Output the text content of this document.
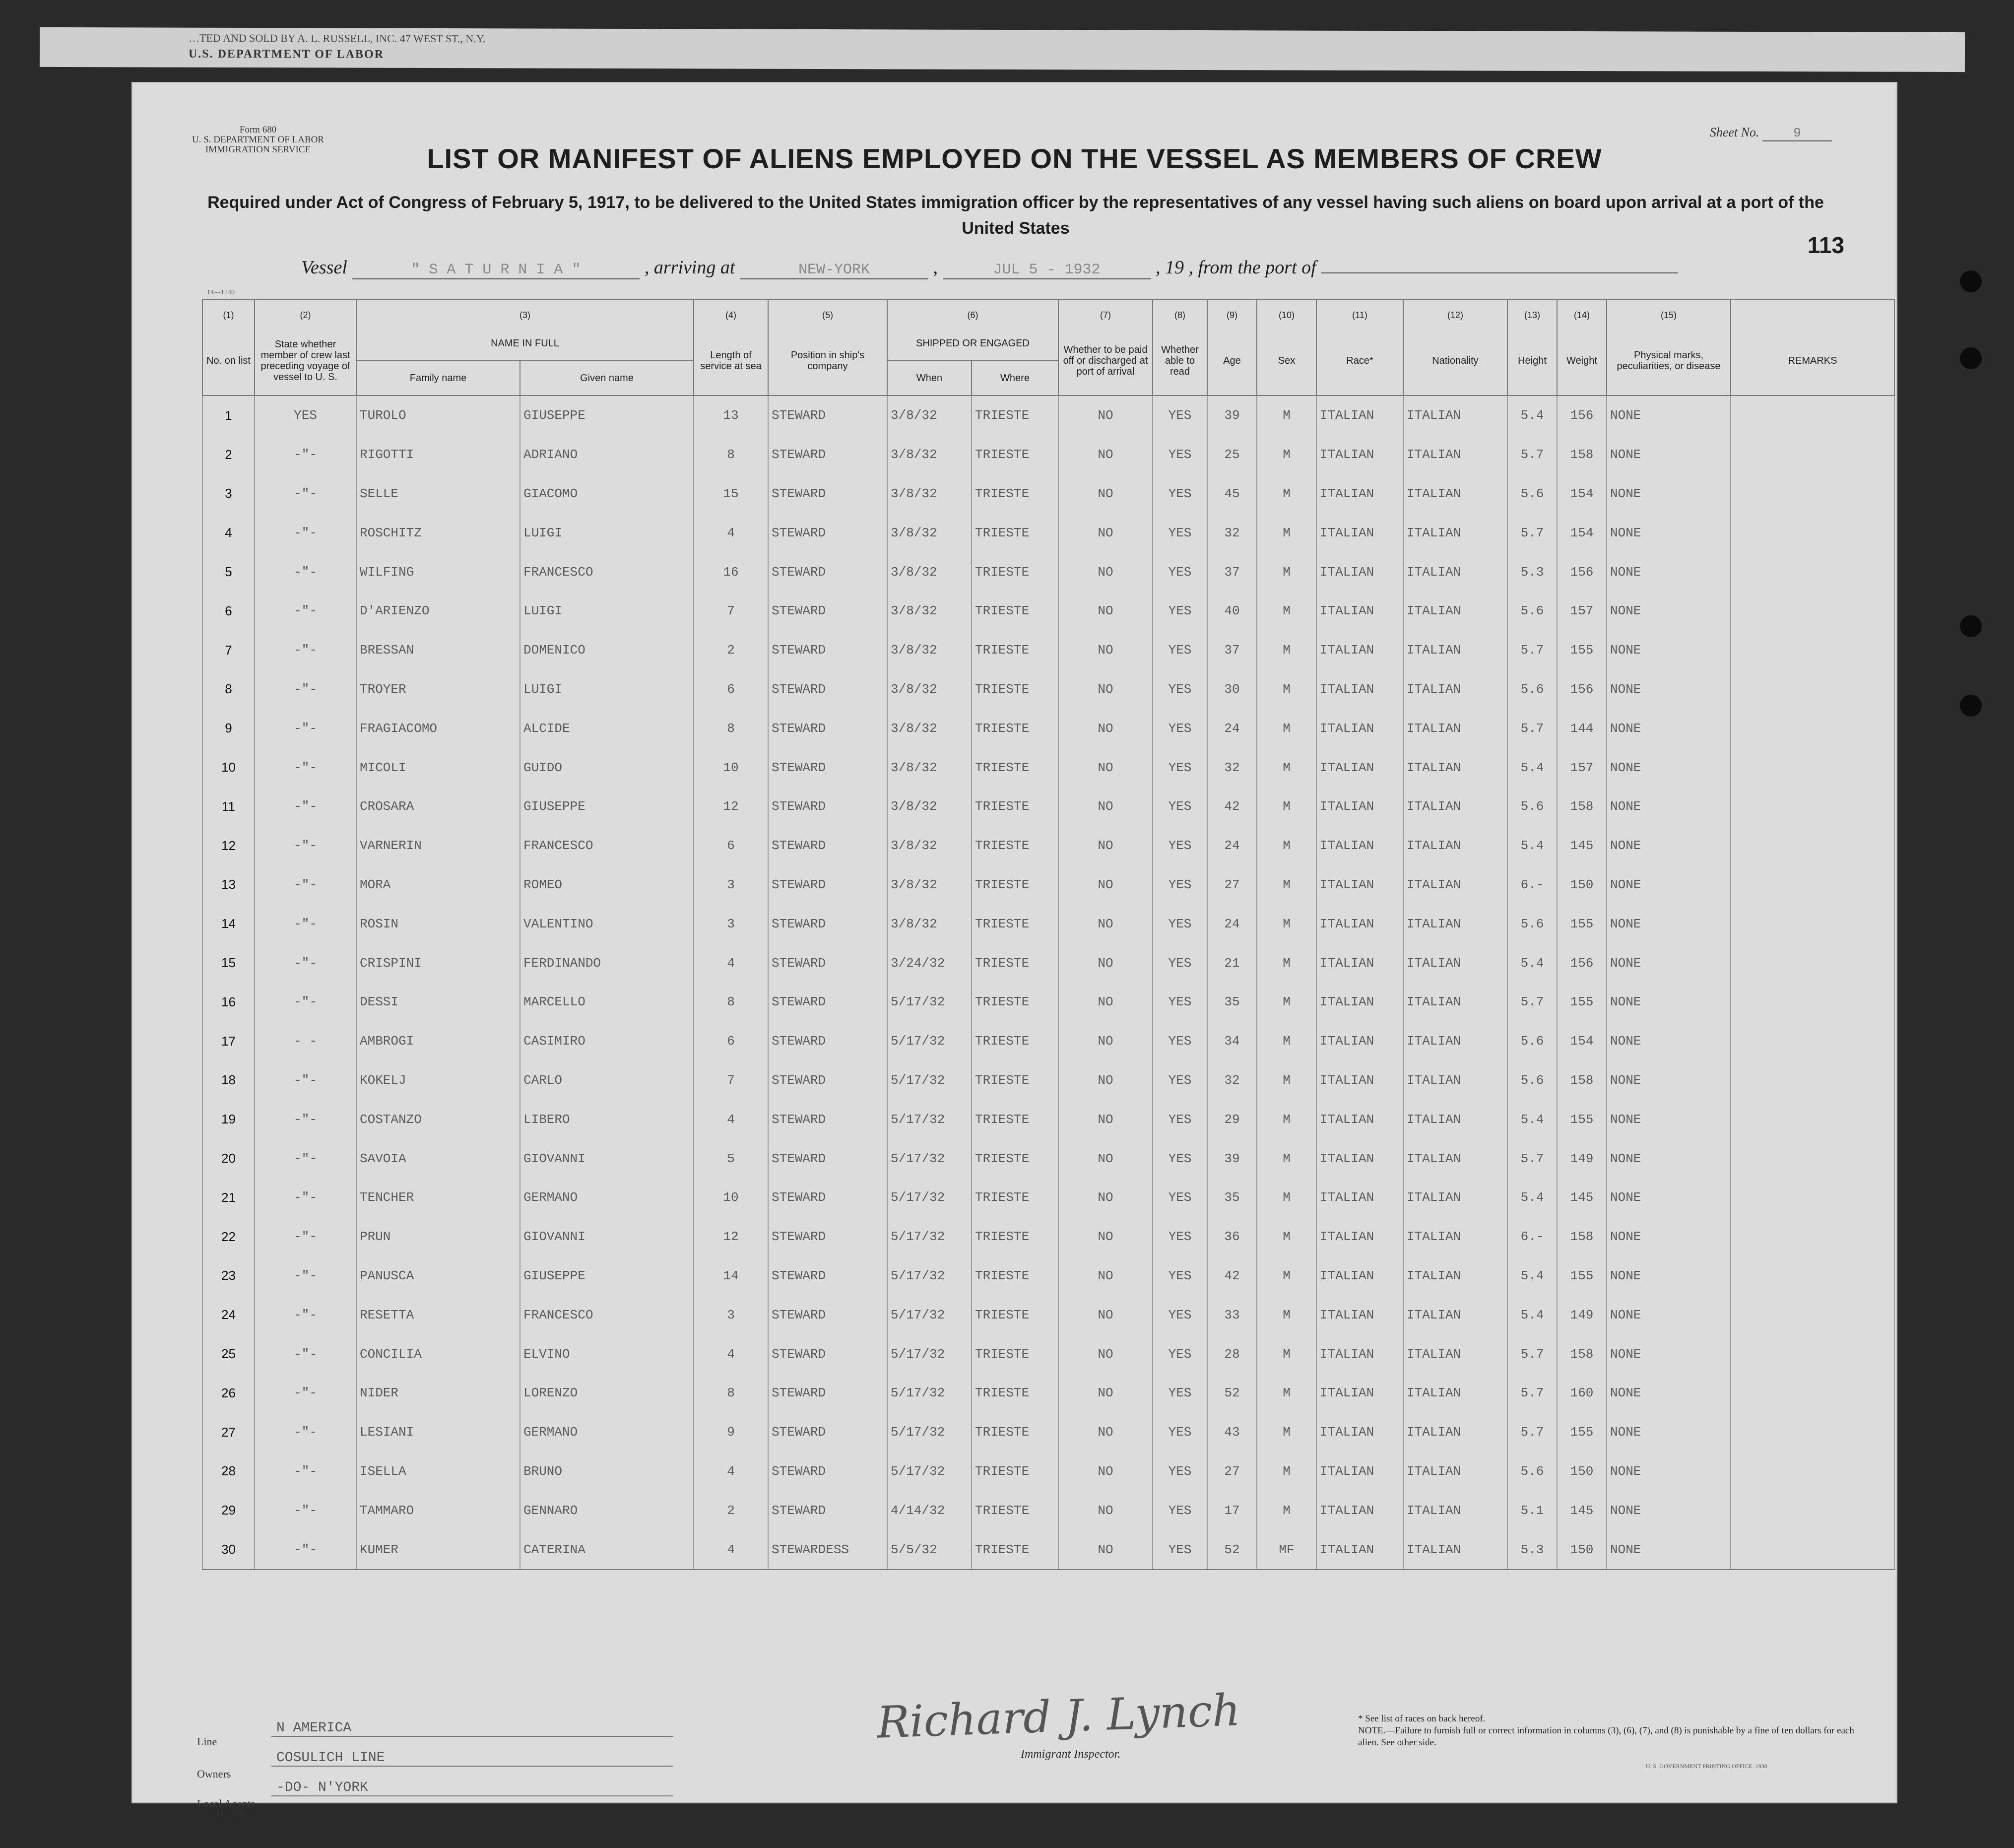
…TED AND SOLD BY A. L. RUSSELL, INC. 47 WEST ST., N.Y.
U.S. DEPARTMENT OF LABOR
Form 680
U. S. DEPARTMENT OF LABOR
IMMIGRATION SERVICE
Sheet No.	9
LIST OR MANIFEST OF ALIENS EMPLOYED ON THE VESSEL AS MEMBERS OF CREW
Required under Act of Congress of February 5, 1917, to be delivered to the United States immigration officer by the representatives of any vessel having such aliens on board upon arrival at a port of the United States
113
Vessel	" S A T U R N I A "	, arriving at	NEW-YORK	,	JUL 5 - 1932	, 19 , from the port of
14—1240
(1)	(2)	(3)		(4)	(5)	(6)		(7)	(8)	(9)	(10)	(11)	(12)	(13)	(14)	(15)	
No. on list	State whether member of crew last preceding voyage of vessel to U. S.	NAME IN FULL		Length of service at sea	Position in ship's company	SHIPPED OR ENGAGED		Whether to be paid off or discharged at port of arrival	Whether able to read	Age	Sex	Race*	Nationality	Height	Weight	Physical marks, peculiarities, or disease	REMARKS
		Family name	Given name			When	Where										
1	YES	TUROLO	GIUSEPPE	13	STEWARD	3/8/32	TRIESTE	NO	YES	39	M	ITALIAN	ITALIAN	5.4	156	NONE	
2	-"-	RIGOTTI	ADRIANO	8	STEWARD	3/8/32	TRIESTE	NO	YES	25	M	ITALIAN	ITALIAN	5.7	158	NONE	
3	-"-	SELLE	GIACOMO	15	STEWARD	3/8/32	TRIESTE	NO	YES	45	M	ITALIAN	ITALIAN	5.6	154	NONE	
4	-"-	ROSCHITZ	LUIGI	4	STEWARD	3/8/32	TRIESTE	NO	YES	32	M	ITALIAN	ITALIAN	5.7	154	NONE	
5	-"-	WILFING	FRANCESCO	16	STEWARD	3/8/32	TRIESTE	NO	YES	37	M	ITALIAN	ITALIAN	5.3	156	NONE	
6	-"-	D'ARIENZO	LUIGI	7	STEWARD	3/8/32	TRIESTE	NO	YES	40	M	ITALIAN	ITALIAN	5.6	157	NONE	
7	-"-	BRESSAN	DOMENICO	2	STEWARD	3/8/32	TRIESTE	NO	YES	37	M	ITALIAN	ITALIAN	5.7	155	NONE	
8	-"-	TROYER	LUIGI	6	STEWARD	3/8/32	TRIESTE	NO	YES	30	M	ITALIAN	ITALIAN	5.6	156	NONE	
9	-"-	FRAGIACOMO	ALCIDE	8	STEWARD	3/8/32	TRIESTE	NO	YES	24	M	ITALIAN	ITALIAN	5.7	144	NONE	
10	-"-	MICOLI	GUIDO	10	STEWARD	3/8/32	TRIESTE	NO	YES	32	M	ITALIAN	ITALIAN	5.4	157	NONE	
11	-"-	CROSARA	GIUSEPPE	12	STEWARD	3/8/32	TRIESTE	NO	YES	42	M	ITALIAN	ITALIAN	5.6	158	NONE	
12	-"-	VARNERIN	FRANCESCO	6	STEWARD	3/8/32	TRIESTE	NO	YES	24	M	ITALIAN	ITALIAN	5.4	145	NONE	
13	-"-	MORA	ROMEO	3	STEWARD	3/8/32	TRIESTE	NO	YES	27	M	ITALIAN	ITALIAN	6.-	150	NONE	
14	-"-	ROSIN	VALENTINO	3	STEWARD	3/8/32	TRIESTE	NO	YES	24	M	ITALIAN	ITALIAN	5.6	155	NONE	
15	-"-	CRISPINI	FERDINANDO	4	STEWARD	3/24/32	TRIESTE	NO	YES	21	M	ITALIAN	ITALIAN	5.4	156	NONE	
16	-"-	DESSI	MARCELLO	8	STEWARD	5/17/32	TRIESTE	NO	YES	35	M	ITALIAN	ITALIAN	5.7	155	NONE	
17	- -	AMBROGI	CASIMIRO	6	STEWARD	5/17/32	TRIESTE	NO	YES	34	M	ITALIAN	ITALIAN	5.6	154	NONE	
18	-"-	KOKELJ	CARLO	7	STEWARD	5/17/32	TRIESTE	NO	YES	32	M	ITALIAN	ITALIAN	5.6	158	NONE	
19	-"-	COSTANZO	LIBERO	4	STEWARD	5/17/32	TRIESTE	NO	YES	29	M	ITALIAN	ITALIAN	5.4	155	NONE	
20	-"-	SAVOIA	GIOVANNI	5	STEWARD	5/17/32	TRIESTE	NO	YES	39	M	ITALIAN	ITALIAN	5.7	149	NONE	
21	-"-	TENCHER	GERMANO	10	STEWARD	5/17/32	TRIESTE	NO	YES	35	M	ITALIAN	ITALIAN	5.4	145	NONE	
22	-"-	PRUN	GIOVANNI	12	STEWARD	5/17/32	TRIESTE	NO	YES	36	M	ITALIAN	ITALIAN	6.-	158	NONE	
23	-"-	PANUSCA	GIUSEPPE	14	STEWARD	5/17/32	TRIESTE	NO	YES	42	M	ITALIAN	ITALIAN	5.4	155	NONE	
24	-"-	RESETTA	FRANCESCO	3	STEWARD	5/17/32	TRIESTE	NO	YES	33	M	ITALIAN	ITALIAN	5.4	149	NONE	
25	-"-	CONCILIA	ELVINO	4	STEWARD	5/17/32	TRIESTE	NO	YES	28	M	ITALIAN	ITALIAN	5.7	158	NONE	
26	-"-	NIDER	LORENZO	8	STEWARD	5/17/32	TRIESTE	NO	YES	52	M	ITALIAN	ITALIAN	5.7	160	NONE	
27	-"-	LESIANI	GERMANO	9	STEWARD	5/17/32	TRIESTE	NO	YES	43	M	ITALIAN	ITALIAN	5.7	155	NONE	
28	-"-	ISELLA	BRUNO	4	STEWARD	5/17/32	TRIESTE	NO	YES	27	M	ITALIAN	ITALIAN	5.6	150	NONE	
29	-"-	TAMMARO	GENNARO	2	STEWARD	4/14/32	TRIESTE	NO	YES	17	M	ITALIAN	ITALIAN	5.1	145	NONE	
30	-"-	KUMER	CATERINA	4	STEWARDESS	5/5/32	TRIESTE	NO	YES	52	MF	ITALIAN	ITALIAN	5.3	150	NONE	
Line
N AMERICA
Owners
COSULICH LINE
Local Agents
-DO- N'YORK
14—1240
Richard J. Lynch
Immigrant Inspector.
* See list of races on back hereof.
NOTE.—Failure to furnish full or correct information in columns (3), (6), (7), and (8) is punishable by a fine of ten dollars for each alien. See other side.
U. S. GOVERNMENT PRINTING OFFICE: 1930
